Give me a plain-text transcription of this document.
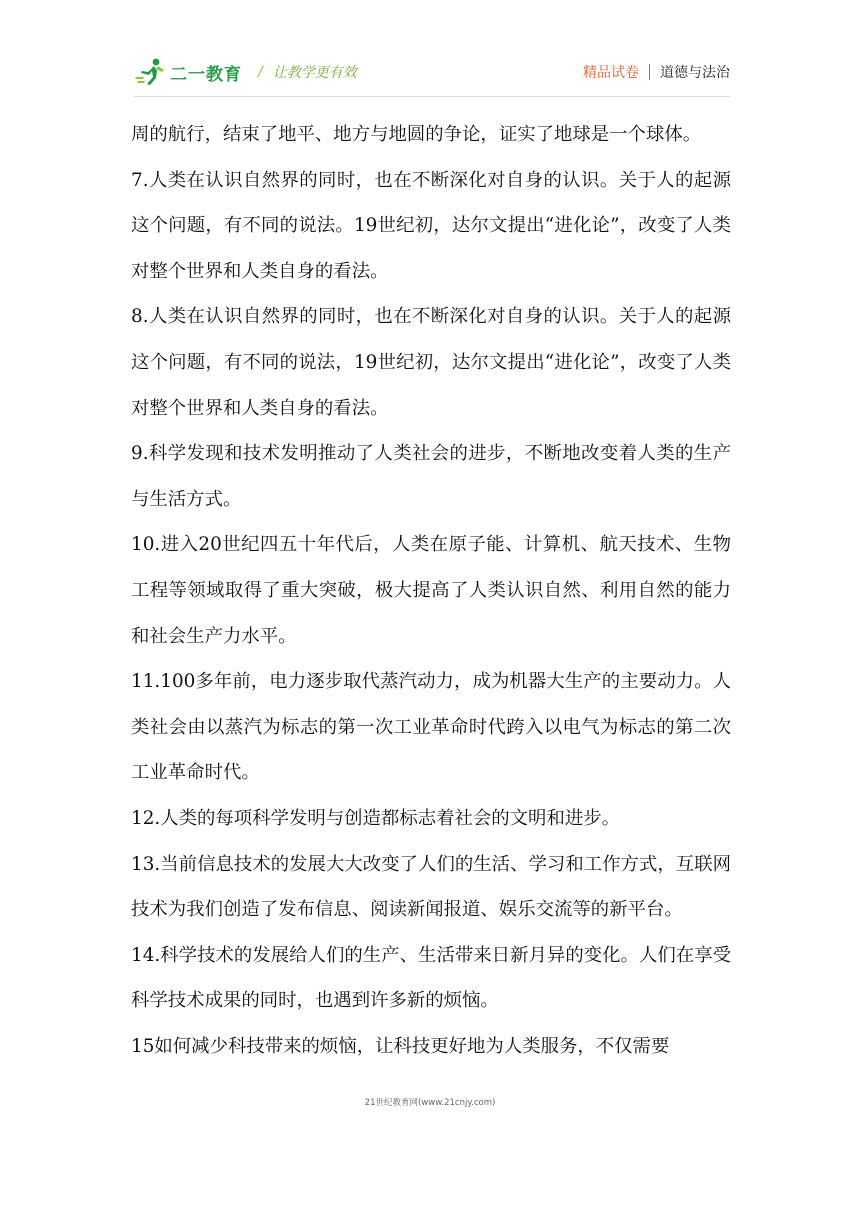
二一教育 / 让教学更有效	精品试卷 道德与法治

周的航行，结束了地平、地方与地圆的争论，证实了地球是一个球体。

7.人类在认识自然界的同时，也在不断深化对自身的认识。关于人的起源这个问题，有不同的说法。19世纪初，达尔文提出“进化论”，改变了人类对整个世界和人类自身的看法。

8.人类在认识自然界的同时，也在不断深化对自身的认识。关于人的起源这个问题，有不同的说法，19世纪初，达尔文提出“进化论”，改变了人类对整个世界和人类自身的看法。

9.科学发现和技术发明推动了人类社会的进步，不断地改变着人类的生产与生活方式。

10.进入20世纪四五十年代后，人类在原子能、计算机、航天技术、生物工程等领域取得了重大突破，极大提高了人类认识自然、利用自然的能力和社会生产力水平。

11.100多年前，电力逐步取代蒸汽动力，成为机器大生产的主要动力。人类社会由以蒸汽为标志的第一次工业革命时代跨入以电气为标志的第二次工业革命时代。

12.人类的每项科学发明与创造都标志着社会的文明和进步。

13.当前信息技术的发展大大改变了人们的生活、学习和工作方式，互联网技术为我们创造了发布信息、阅读新闻报道、娱乐交流等的新平台。

14.科学技术的发展给人们的生产、生活带来日新月异的变化。人们在享受科学技术成果的同时，也遇到许多新的烦恼。

15如何减少科技带来的烦恼，让科技更好地为人类服务，不仅需要

21世纪教育网(www.21cnjy.com)
